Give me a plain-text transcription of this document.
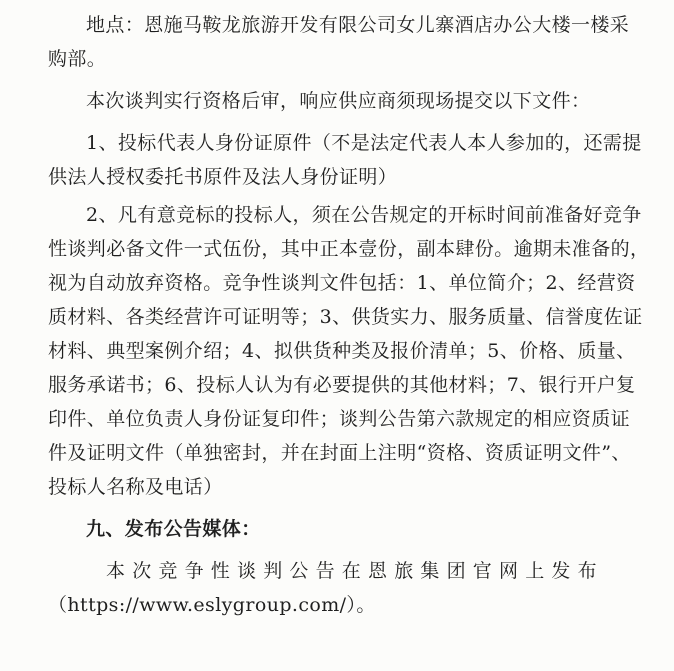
地点：恩施马鞍龙旅游开发有限公司女儿寨酒店办公大楼一楼采
购部。
本次谈判实行资格后审，响应供应商须现场提交以下文件：
1、投标代表人身份证原件（不是法定代表人本人参加的，还需提
供法人授权委托书原件及法人身份证明）
2、凡有意竞标的投标人，须在公告规定的开标时间前准备好竞争
性谈判必备文件一式伍份，其中正本壹份，副本肆份。逾期未准备的，
视为自动放弃资格。竞争性谈判文件包括：1、单位简介；2、经营资
质材料、各类经营许可证明等；3、供货实力、服务质量、信誉度佐证
材料、典型案例介绍；4、拟供货种类及报价清单；5、价格、质量、
服务承诺书；6、投标人认为有必要提供的其他材料；7、银行开户复
印件、单位负责人身份证复印件；谈判公告第六款规定的相应资质证
件及证明文件（单独密封，并在封面上注明“资格、资质证明文件”、
投标人名称及电话）
九、发布公告媒体：
本次竞争性谈判公告在恩旅集团官网上发布
（https://www.eslygroup.com/）。
